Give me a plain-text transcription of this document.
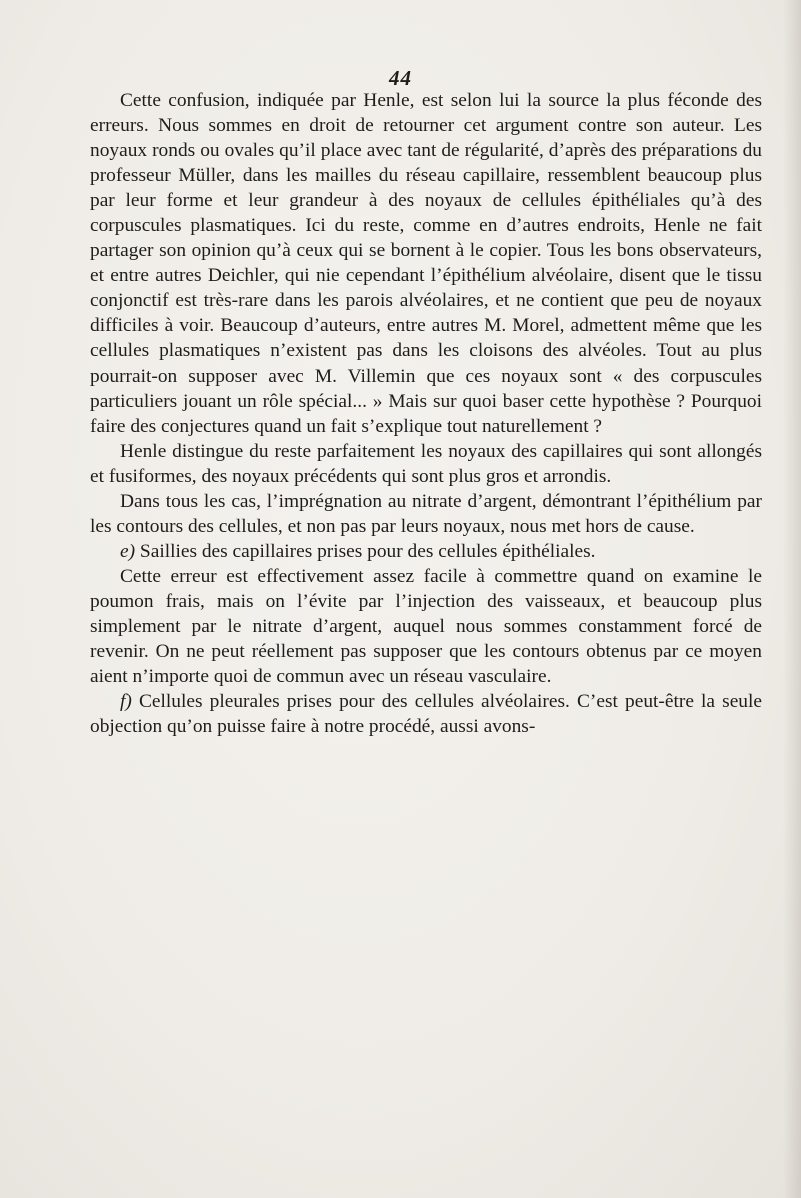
44

Cette confusion, indiquée par Henle, est selon lui la source la plus féconde des erreurs. Nous sommes en droit de retourner cet argument contre son auteur. Les noyaux ronds ou ovales qu’il place avec tant de régularité, d’après des préparations du professeur Müller, dans les mailles du réseau capillaire, ressemblent beaucoup plus par leur forme et leur grandeur à des noyaux de cellules épithéliales qu’à des corpuscules plasmatiques. Ici du reste, comme en d’autres endroits, Henle ne fait partager son opinion qu’à ceux qui se bornent à le copier. Tous les bons observateurs, et entre autres Deichler, qui nie cependant l’épithélium alvéolaire, disent que le tissu conjonctif est très-rare dans les parois alvéolaires, et ne contient que peu de noyaux difficiles à voir. Beaucoup d’auteurs, entre autres M. Morel, admettent même que les cellules plasmatiques n’existent pas dans les cloisons des alvéoles. Tout au plus pourrait-on supposer avec M. Villemin que ces noyaux sont « des corpuscules particuliers jouant un rôle spécial... » Mais sur quoi baser cette hypothèse ? Pourquoi faire des conjectures quand un fait s’explique tout naturellement ?

Henle distingue du reste parfaitement les noyaux des capillaires qui sont allongés et fusiformes, des noyaux précédents qui sont plus gros et arrondis.

Dans tous les cas, l’imprégnation au nitrate d’argent, démontrant l’épithélium par les contours des cellules, et non pas par leurs noyaux, nous met hors de cause.

e) Saillies des capillaires prises pour des cellules épithéliales.

Cette erreur est effectivement assez facile à commettre quand on examine le poumon frais, mais on l’évite par l’injection des vaisseaux, et beaucoup plus simplement par le nitrate d’argent, auquel nous sommes constamment forcé de revenir. On ne peut réellement pas supposer que les contours obtenus par ce moyen aient n’importe quoi de commun avec un réseau vasculaire.

f) Cellules pleurales prises pour des cellules alvéolaires. C’est peut-être la seule objection qu’on puisse faire à notre procédé, aussi avons-
